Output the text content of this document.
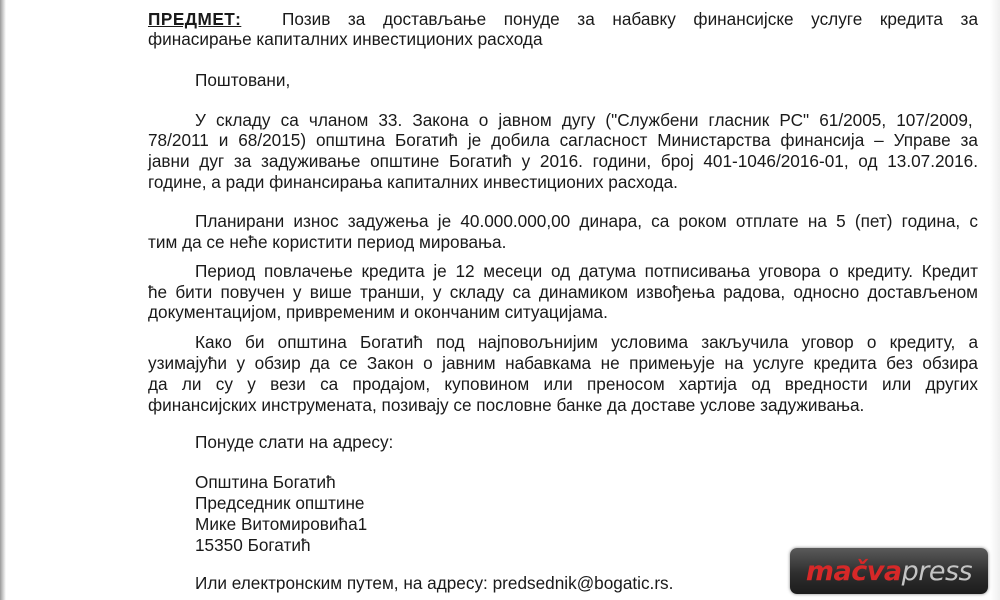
ПРЕДМЕТ: Позив за достављање понуде за набавку финансијске услуге кредита за
финасирање капиталних инвестиционих расхода
Поштовани,
У складу са чланом 33. Закона о јавном дугу ("Службени гласник РС" 61/2005, 107/2009,
78/2011 и 68/2015) општина Богатић је добила сагласност Министарства финансија – Управе за
јавни дуг за задуживање општине Богатић у 2016. години, број 401-1046/2016-01, од 13.07.2016.
године, а ради финансирања капиталних инвестиционих расхода.
Планирани износ задужења је 40.000.000,00 динара, са роком отплате на 5 (пет) година, с
тим да се неће користити период мировања.
Период повлачење кредита је 12 месеци од датума потписивања уговора о кредиту. Кредит
ће бити повучен у више транши, у складу са динамиком извођења радова, односно достављеном
документацијом, привременим и окончаним ситуацијама.
Како би општина Богатић под најповољнијим условима закључила уговор о кредиту, а
узимајући у обзир да се Закон о јавним набавкама не примењује на услуге кредита без обзира
да ли су у вези са продајом, куповином или преносом хартија од вредности или других
финансијских инструмената, позивају се пословне банке да доставе услове задуживања.
Понуде слати на адресу:
Општина Богатић
Председник општине
Мике Витомировића1
15350 Богатић
Или електронским путем, на адресу: predsednik@bogatic.rs.	mačva press
